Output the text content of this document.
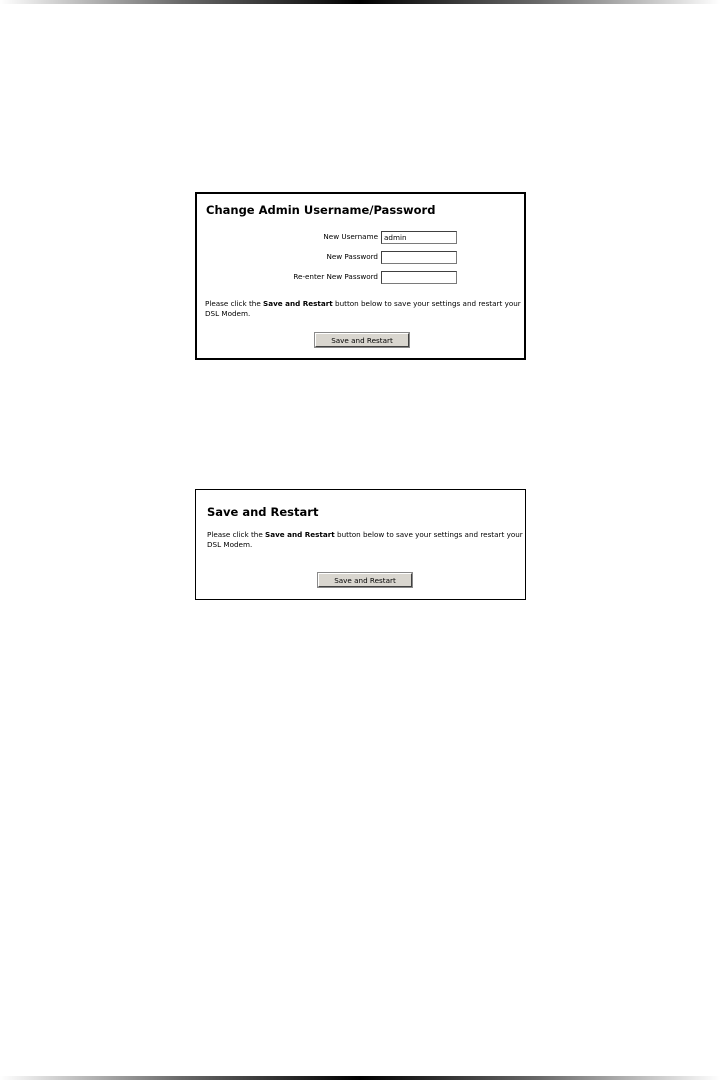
Change Admin Username/Password
New Username
admin
New Password
Re-enter New Password
Please click the Save and Restart button below to save your settings and restart your DSL Modem.
Save and Restart
Save and Restart
Please click the Save and Restart button below to save your settings and restart your DSL Modem.
Save and Restart
